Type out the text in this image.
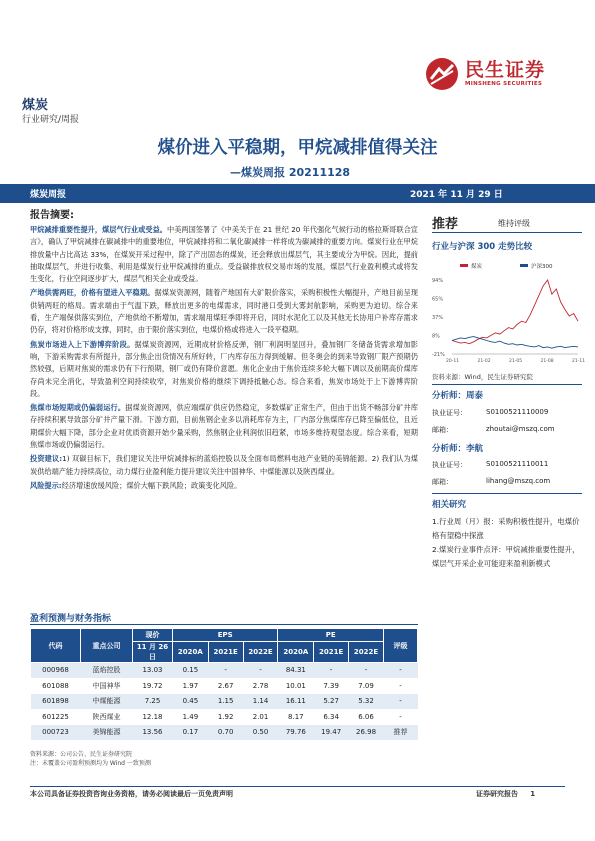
民生证券
MINSHENG SECURITIES
煤炭
行业研究/周报
煤价进入平稳期，甲烷减排值得关注
—煤炭周报 20211128
煤炭周报	2021 年 11 月 29 日
报告摘要:

甲烷减排重要性提升，煤层气行业或受益。中美两国签署了《中美关于在 21 世纪 20 年代强化气候行动的格拉斯哥联合宣言》，确认了甲烷减排在碳减排中的重要地位，甲烷减排将和二氧化碳减排一样将成为碳减排的重要方向。煤炭行业在甲烷排放量中占比高达 33%，在煤炭开采过程中，除了产出固态的煤炭，还会释放出煤层气，其主要成分为甲烷。因此，提前抽取煤层气，并进行收集、利用是煤炭行业甲烷减排的重点。受益碳排放权交易市场的发展，煤层气行业盈利模式或将发生变化，行业空间逐步扩大，煤层气相关企业或受益。

产地供需两旺，价格有望进入平稳期。据煤炭资源网，随着产地国有大矿限价落实，采购积极性大幅提升，产地目前呈现供销两旺的格局。需求端由于气温下跌，释放出更多的电煤需求，同时港口受到大雾封航影响，采购更为迫切。综合来看，生产端保供落实到位，产地供给不断增加，需求端用煤旺季即将开启，同时水泥化工以及其他无长协用户补库存需求仍存，将对价格形成支撑，同时，由于限价落实到位，电煤价格或将进入一段平稳期。

焦炭市场进入上下游博弈阶段。据煤炭资源网，近期成材价格反弹，钢厂利润明显回升，叠加钢厂冬储备货需求增加影响，下游采购需求有所提升，部分焦企出货情况有所好转，厂内库存压力得到缓解。但冬奥会的到来导致钢厂限产预期仍然较强，后期对焦炭的需求仍有下行预期，钢厂或仍有降价意愿。焦化企业由于焦价连续多轮大幅下调以及前期高价煤库存尚未完全消化，导致盈利空间持续收窄，对焦炭价格的继续下调持抵触心态。综合来看，焦炭市场处于上下游博弈阶段。

焦煤市场短期或仍偏弱运行。据煤炭资源网，供应端煤矿供应仍然稳定，多数煤矿正常生产，但由于出货不畅部分矿井库存持续积累导致部分矿井产量下滑。下游方面，目前焦钢企业多以消耗库存为主，厂内部分焦煤库存已降至偏低位，且近期煤价大幅下降，部分企业对优质资源开始少量采购，然焦钢企业利润依旧趋紧，市场多维持观望态度。综合来看，短期焦煤市场或仍偏弱运行。

投资建议:1) 双碳目标下，我们建议关注甲烷减排标的蓝焰控股以及全面布局燃料电池产业链的美锦能源。2) 我们认为煤炭供给端产能力持续高位，动力煤行业盈利能力提升建议关注中国神华、中煤能源以及陕西煤业。

风险提示:经济增速放缓风险；煤价大幅下跌风险；政策变化风险。

盈利预测与财务指标
代码	重点公司	现价	EPS			PE			评级
		11 月 26 日	2020A	2021E	2022E	2020A	2021E	2022E	
000968	蓝焰控股	13.03	0.15	-	-	84.31	-	-	-
601088	中国神华	19.72	1.97	2.67	2.78	10.01	7.39	7.09	-
601898	中煤能源	7.25	0.45	1.15	1.14	16.11	5.27	5.32	-
601225	陕西煤业	12.18	1.49	1.92	2.01	8.17	6.34	6.06	-
000723	美锦能源	13.56	0.17	0.70	0.50	79.76	19.47	26.98	推荐
资料来源：公司公告、民生证券研究院
注：未覆盖公司盈利预测均为 Wind 一致预测
推荐	维持评级
行业与沪深 300 走势比较
煤炭	沪深300
94%
65%
37%
8%
-21%
20-11	21-02	21-05	21-08	21-11
资料来源：Wind，民生证券研究院
分析师：周泰
执业证号：	S0100521110009
邮箱：	zhoutai@mszq.com
分析师：李航
执业证号：	S0100521110011
邮箱：	lihang@mszq.com
相关研究
1.行业周（月）报：采购积极性提升，电煤价格有望稳中探涨
2.煤炭行业事件点评：甲烷减排重要性提升，煤层气开采企业可能迎来盈利新模式
本公司具备证券投资咨询业务资格，请务必阅读最后一页免责声明	证券研究报告 1
